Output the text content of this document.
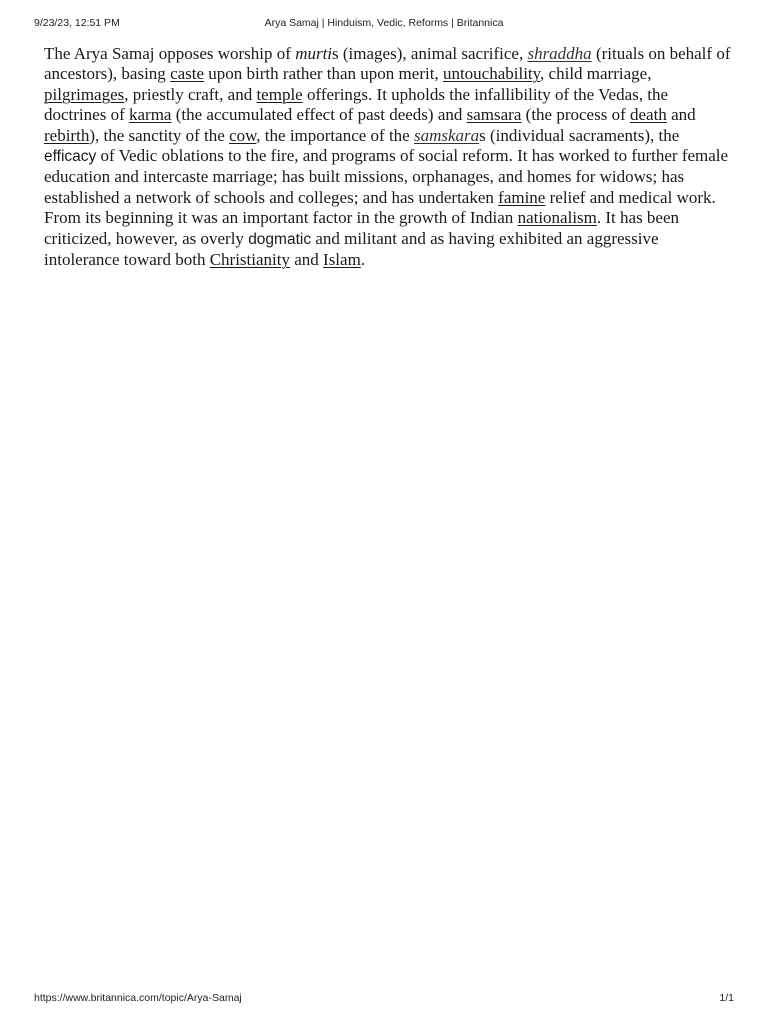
9/23/23, 12:51 PM	Arya Samaj | Hinduism, Vedic, Reforms | Britannica

The Arya Samaj opposes worship of murtis (images), animal sacrifice, shraddha (rituals on behalf of ancestors), basing caste upon birth rather than upon merit, untouchability, child marriage, pilgrimages, priestly craft, and temple offerings. It upholds the infallibility of the Vedas, the doctrines of karma (the accumulated effect of past deeds) and samsara (the process of death and rebirth), the sanctity of the cow, the importance of the samskaras (individual sacraments), the efficacy of Vedic oblations to the fire, and programs of social reform. It has worked to further female education and intercaste marriage; has built missions, orphanages, and homes for widows; has established a network of schools and colleges; and has undertaken famine relief and medical work. From its beginning it was an important factor in the growth of Indian nationalism. It has been criticized, however, as overly dogmatic and militant and as having exhibited an aggressive intolerance toward both Christianity and Islam.

https://www.britannica.com/topic/Arya-Samaj	1/1
